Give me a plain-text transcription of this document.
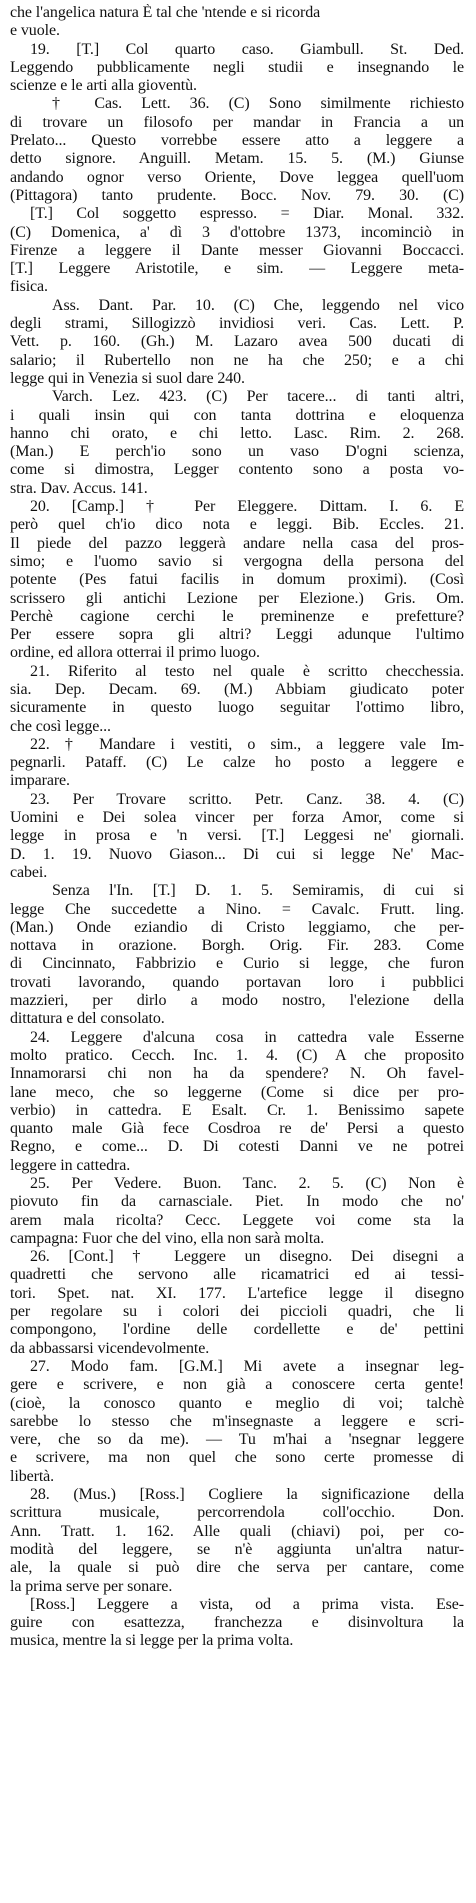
che l'angelica natura È tal che 'ntende e si ricorda
e vuole.
19. [T.] Col quarto caso. Giambull. St. Ded.
Leggendo pubblicamente negli studii e insegnando le
scienze e le arti alla gioventù.
† Cas. Lett. 36. (C) Sono similmente richiesto
di trovare un filosofo per mandar in Francia a un
Prelato... Questo vorrebbe essere atto a leggere a
detto signore. Anguill. Metam. 15. 5. (M.) Giunse
andando ognor verso Oriente, Dove leggea quell'uom
(Pittagora) tanto prudente. Bocc. Nov. 79. 30. (C)
[T.] Col soggetto espresso. = Diar. Monal. 332.
(C) Domenica, a' dì 3 d'ottobre 1373, incominciò in
Firenze a leggere il Dante messer Giovanni Boccacci.
[T.] Leggere Aristotile, e sim. — Leggere meta-
fisica.
Ass. Dant. Par. 10. (C) Che, leggendo nel vico
degli strami, Sillogizzò invidiosi veri. Cas. Lett. P.
Vett. p. 160. (Gh.) M. Lazaro avea 500 ducati di
salario; il Rubertello non ne ha che 250; e a chi
legge qui in Venezia si suol dare 240.
Varch. Lez. 423. (C) Per tacere... di tanti altri,
i quali insin qui con tanta dottrina e eloquenza
hanno chi orato, e chi letto. Lasc. Rim. 2. 268.
(Man.) E perch'io sono un vaso D'ogni scienza,
come si dimostra, Legger contento sono a posta vo-
stra. Dav. Accus. 141.
20. [Camp.] † Per Eleggere. Dittam. I. 6. E
però quel ch'io dico nota e leggi. Bib. Eccles. 21.
Il piede del pazzo leggerà andare nella casa del pros-
simo; e l'uomo savio si vergogna della persona del
potente (Pes fatui facilis in domum proximi). (Così
scrissero gli antichi Lezione per Elezione.) Gris. Om.
Perchè cagione cerchi le preminenze e prefetture?
Per essere sopra gli altri? Leggi adunque l'ultimo
ordine, ed allora otterrai il primo luogo.
21. Riferito al testo nel quale è scritto checchessia.
sia. Dep. Decam. 69. (M.) Abbiam giudicato poter
sicuramente in questo luogo seguitar l'ottimo libro,
che così legge...
22. † Mandare i vestiti, o sim., a leggere vale Im-
pegnarli. Pataff. (C) Le calze ho posto a leggere e
imparare.
23. Per Trovare scritto. Petr. Canz. 38. 4. (C)
Uomini e Dei solea vincer per forza Amor, come si
legge in prosa e 'n versi. [T.] Leggesi ne' giornali.
D. 1. 19. Nuovo Giason... Di cui si legge Ne' Mac-
cabei.
Senza l'In. [T.] D. 1. 5. Semiramis, di cui si
legge Che succedette a Nino. = Cavalc. Frutt. ling.
(Man.) Onde eziandio di Cristo leggiamo, che per-
nottava in orazione. Borgh. Orig. Fir. 283. Come
di Cincinnato, Fabbrizio e Curio si legge, che furon
trovati lavorando, quando portavan loro i pubblici
mazzieri, per dirlo a modo nostro, l'elezione della
dittatura e del consolato.
24. Leggere d'alcuna cosa in cattedra vale Esserne
molto pratico. Cecch. Inc. 1. 4. (C) A che proposito
Innamorarsi chi non ha da spendere? N. Oh favel-
lane meco, che so leggerne (Come si dice per pro-
verbio) in cattedra. E Esalt. Cr. 1. Benissimo sapete
quanto male Già fece Cosdroa re de' Persi a questo
Regno, e come... D. Di cotesti Danni ve ne potrei
leggere in cattedra.
25. Per Vedere. Buon. Tanc. 2. 5. (C) Non è
piovuto fin da carnasciale. Piet. In modo che no'
arem mala ricolta? Cecc. Leggete voi come sta la
campagna: Fuor che del vino, ella non sarà molta.
26. [Cont.] † Leggere un disegno. Dei disegni a
quadretti che servono alle ricamatrici ed ai tessi-
tori. Spet. nat. XI. 177. L'artefice legge il disegno
per regolare su i colori dei piccioli quadri, che li
compongono, l'ordine delle cordellette e de' pettini
da abbassarsi vicendevolmente.
27. Modo fam. [G.M.] Mi avete a insegnar leg-
gere e scrivere, e non già a conoscere certa gente!
(cioè, la conosco quanto e meglio di voi; talchè
sarebbe lo stesso che m'insegnaste a leggere e scri-
vere, che so da me). — Tu m'hai a 'nsegnar leggere
e scrivere, ma non quel che sono certe promesse di
libertà.
28. (Mus.) [Ross.] Cogliere la significazione della
scrittura musicale, percorrendola coll'occhio. Don.
Ann. Tratt. 1. 162. Alle quali (chiavi) poi, per co-
modità del leggere, se n'è aggiunta un'altra natur-
ale, la quale si può dire che serva per cantare, come
la prima serve per sonare.
[Ross.] Leggere a vista, od a prima vista. Ese-
guire con esattezza, franchezza e disinvoltura la
musica, mentre la si legge per la prima volta.
